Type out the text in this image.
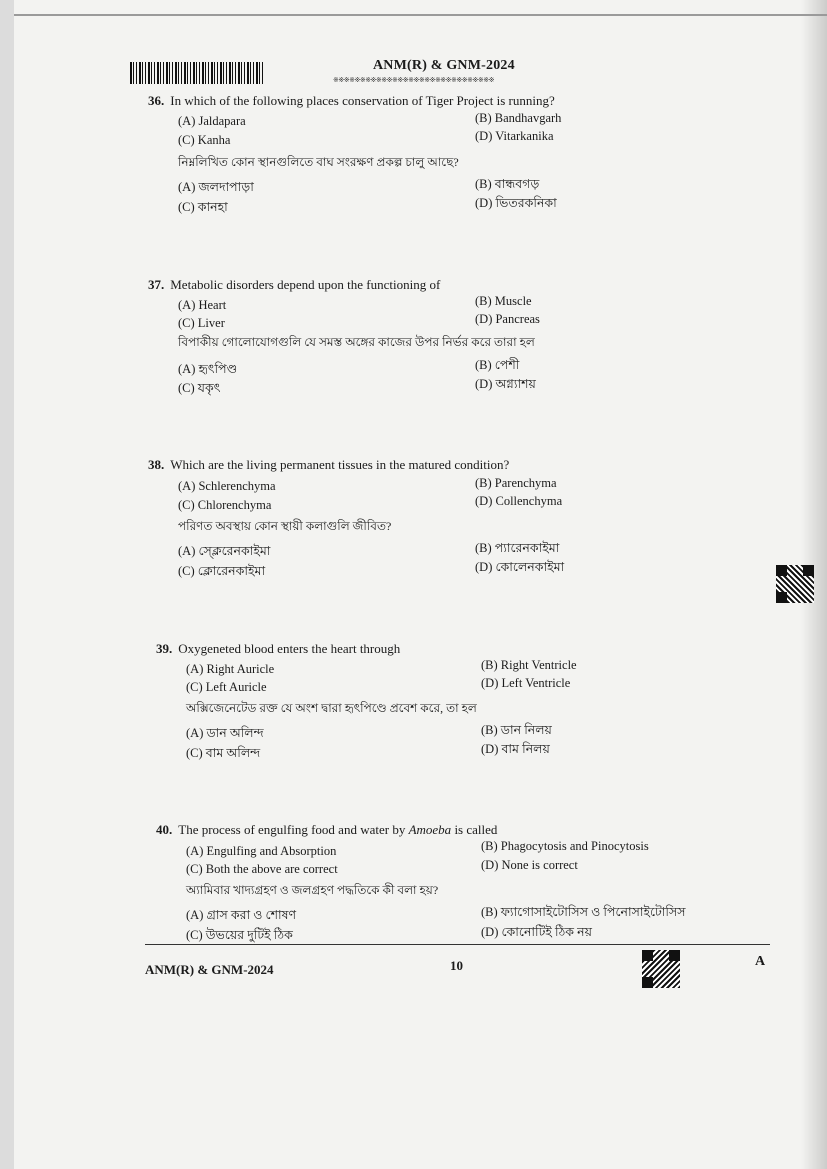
ANM(R) & GNM-2024
※※※※※※※※※※※※※※※※※※※※※※※※※※※※※※
36. In which of the following places conservation of Tiger Project is running?
(A) Jaldapara	(B) Bandhavgarh
(C) Kanha	(D) Vitarkanika
নিম্নলিখিত কোন স্থানগুলিতে বাঘ সংরক্ষণ প্রকল্প চালু আছে?
(A) জলদাপাড়া	(B) বান্ধবগড়
(C) কানহা	(D) ভিতরকনিকা
37. Metabolic disorders depend upon the functioning of
(A) Heart	(B) Muscle
(C) Liver	(D) Pancreas
বিপাকীয় গোলোযোগগুলি যে সমস্ত অঙ্গের কাজের উপর নির্ভর করে তারা হল
(A) হৃৎপিণ্ড	(B) পেশী
(C) যকৃৎ	(D) অগ্ন্যাশয়
38. Which are the living permanent tissues in the matured condition?
(A) Schlerenchyma	(B) Parenchyma
(C) Chlorenchyma	(D) Collenchyma
পরিণত অবস্থায় কোন স্থায়ী কলাগুলি জীবিত?
(A) স্ক্লেরেনকাইমা	(B) প্যারেনকাইমা
(C) ক্লোরেনকাইমা	(D) কোলেনকাইমা
39. Oxygeneted blood enters the heart through
(A) Right Auricle	(B) Right Ventricle
(C) Left Auricle	(D) Left Ventricle
অক্সিজেনেটেড রক্ত যে অংশ দ্বারা হৃৎপিণ্ডে প্রবেশ করে, তা হল
(A) ডান অলিন্দ	(B) ডান নিলয়
(C) বাম অলিন্দ	(D) বাম নিলয়
40. The process of engulfing food and water by Amoeba is called
(A) Engulfing and Absorption	(B) Phagocytosis and Pinocytosis
(C) Both the above are correct	(D) None is correct
অ্যামিবার খাদ্যগ্রহণ ও জলগ্রহণ পদ্ধতিকে কী বলা হয়?
(A) গ্রাস করা ও শোষণ	(B) ফ্যাগোসাইটোসিস ও পিনোসাইটোসিস
(C) উভয়ের দুটিই ঠিক	(D) কোনোটিই ঠিক নয়
ANM(R) & GNM-2024	10	A
